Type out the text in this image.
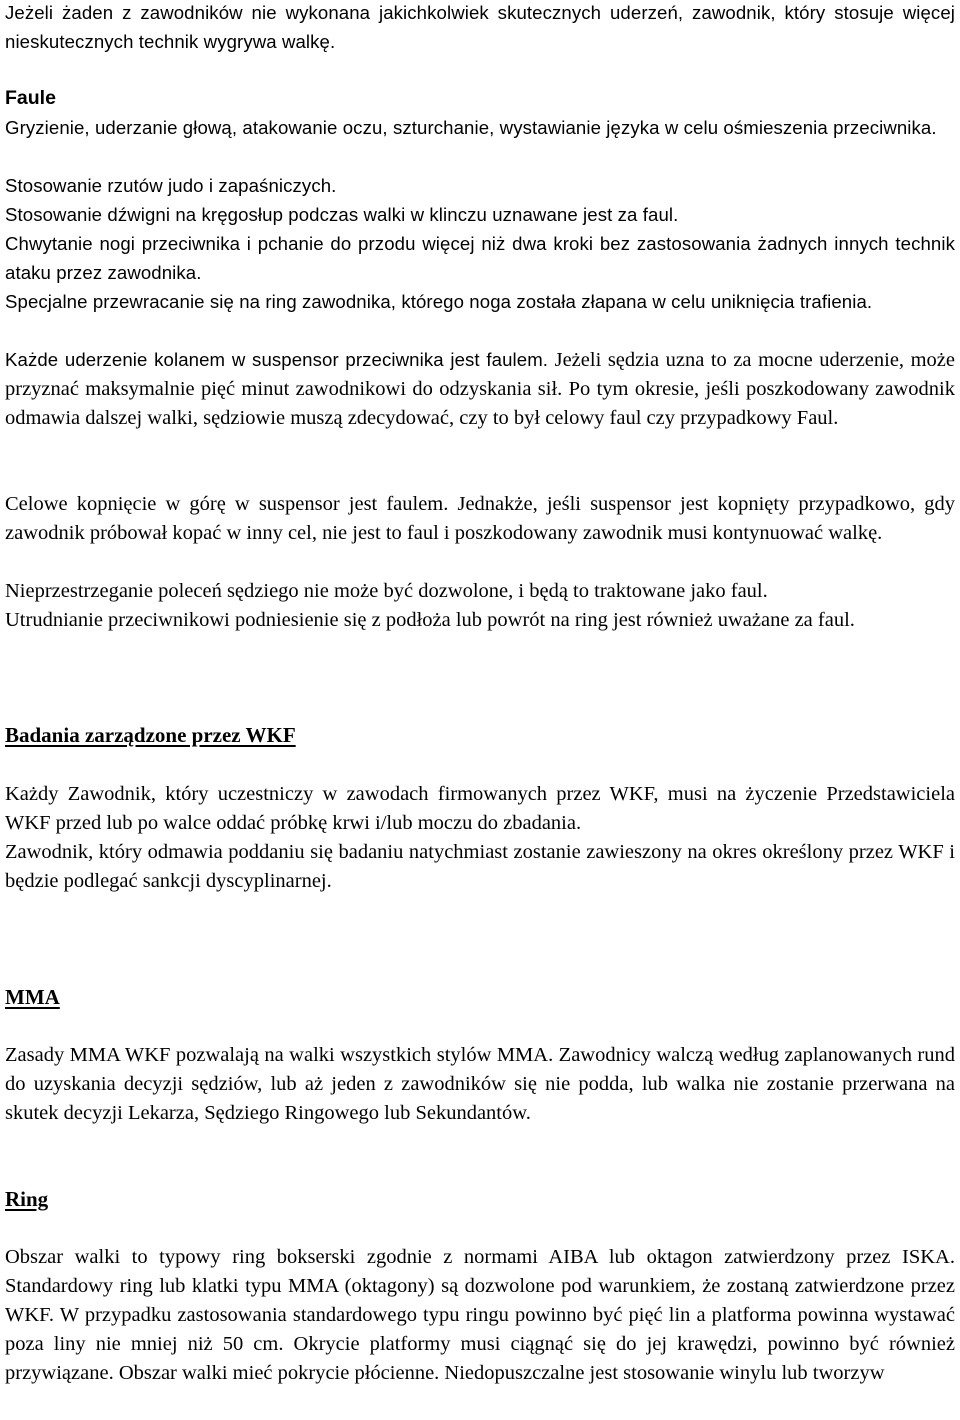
Jeżeli żaden z zawodników nie wykonana jakichkolwiek skutecznych uderzeń, zawodnik, który stosuje więcej nieskutecznych technik wygrywa walkę.
Faule
Gryzienie, uderzanie głową, atakowanie oczu, szturchanie, wystawianie języka w celu ośmieszenia przeciwnika.
Stosowanie rzutów judo i zapaśniczych.
Stosowanie dźwigni na kręgosłup podczas walki w klinczu uznawane jest za faul.
Chwytanie nogi przeciwnika i pchanie do przodu więcej niż dwa kroki bez zastosowania żadnych innych technik ataku przez zawodnika.
Specjalne przewracanie się na ring zawodnika, którego noga została złapana w celu uniknięcia trafienia.
Każde uderzenie kolanem w suspensor przeciwnika jest faulem. Jeżeli sędzia uzna to za mocne uderzenie, może przyznać maksymalnie pięć minut zawodnikowi do odzyskania sił. Po tym okresie, jeśli poszkodowany zawodnik odmawia dalszej walki, sędziowie muszą zdecydować, czy to był celowy faul czy przypadkowy Faul.
Celowe kopnięcie w górę w suspensor jest faulem. Jednakże, jeśli suspensor jest kopnięty przypadkowo, gdy zawodnik próbował kopać w inny cel, nie jest to faul i poszkodowany zawodnik musi kontynuować walkę.
Nieprzestrzeganie poleceń sędziego nie może być dozwolone, i będą to traktowane jako faul.
Utrudnianie przeciwnikowi podniesienie się z podłoża lub powrót na ring jest również uważane za faul.
Badania zarządzone przez WKF
Każdy Zawodnik, który uczestniczy w zawodach firmowanych przez WKF, musi na życzenie Przedstawiciela WKF przed lub po walce oddać próbkę krwi i/lub moczu do zbadania.
Zawodnik, który odmawia poddaniu się badaniu natychmiast zostanie zawieszony na okres określony przez WKF i będzie podlegać sankcji dyscyplinarnej.
MMA
Zasady MMA WKF pozwalają na walki wszystkich stylów MMA. Zawodnicy walczą według zaplanowanych rund do uzyskania decyzji sędziów, lub aż jeden z zawodników się nie podda, lub walka nie zostanie przerwana na skutek decyzji Lekarza, Sędziego Ringowego lub Sekundantów.
Ring
Obszar walki to typowy ring bokserski zgodnie z normami AIBA lub oktagon zatwierdzony przez ISKA. Standardowy ring lub klatki typu MMA (oktagony) są dozwolone pod warunkiem, że zostaną zatwierdzone przez WKF. W przypadku zastosowania standardowego typu ringu powinno być pięć lin a platforma powinna wystawać poza liny nie mniej niż 50 cm. Okrycie platformy musi ciągnąć się do jej krawędzi, powinno być również przywiązane. Obszar walki mieć pokrycie płócienne. Niedopuszczalne jest stosowanie winylu lub tworzyw
